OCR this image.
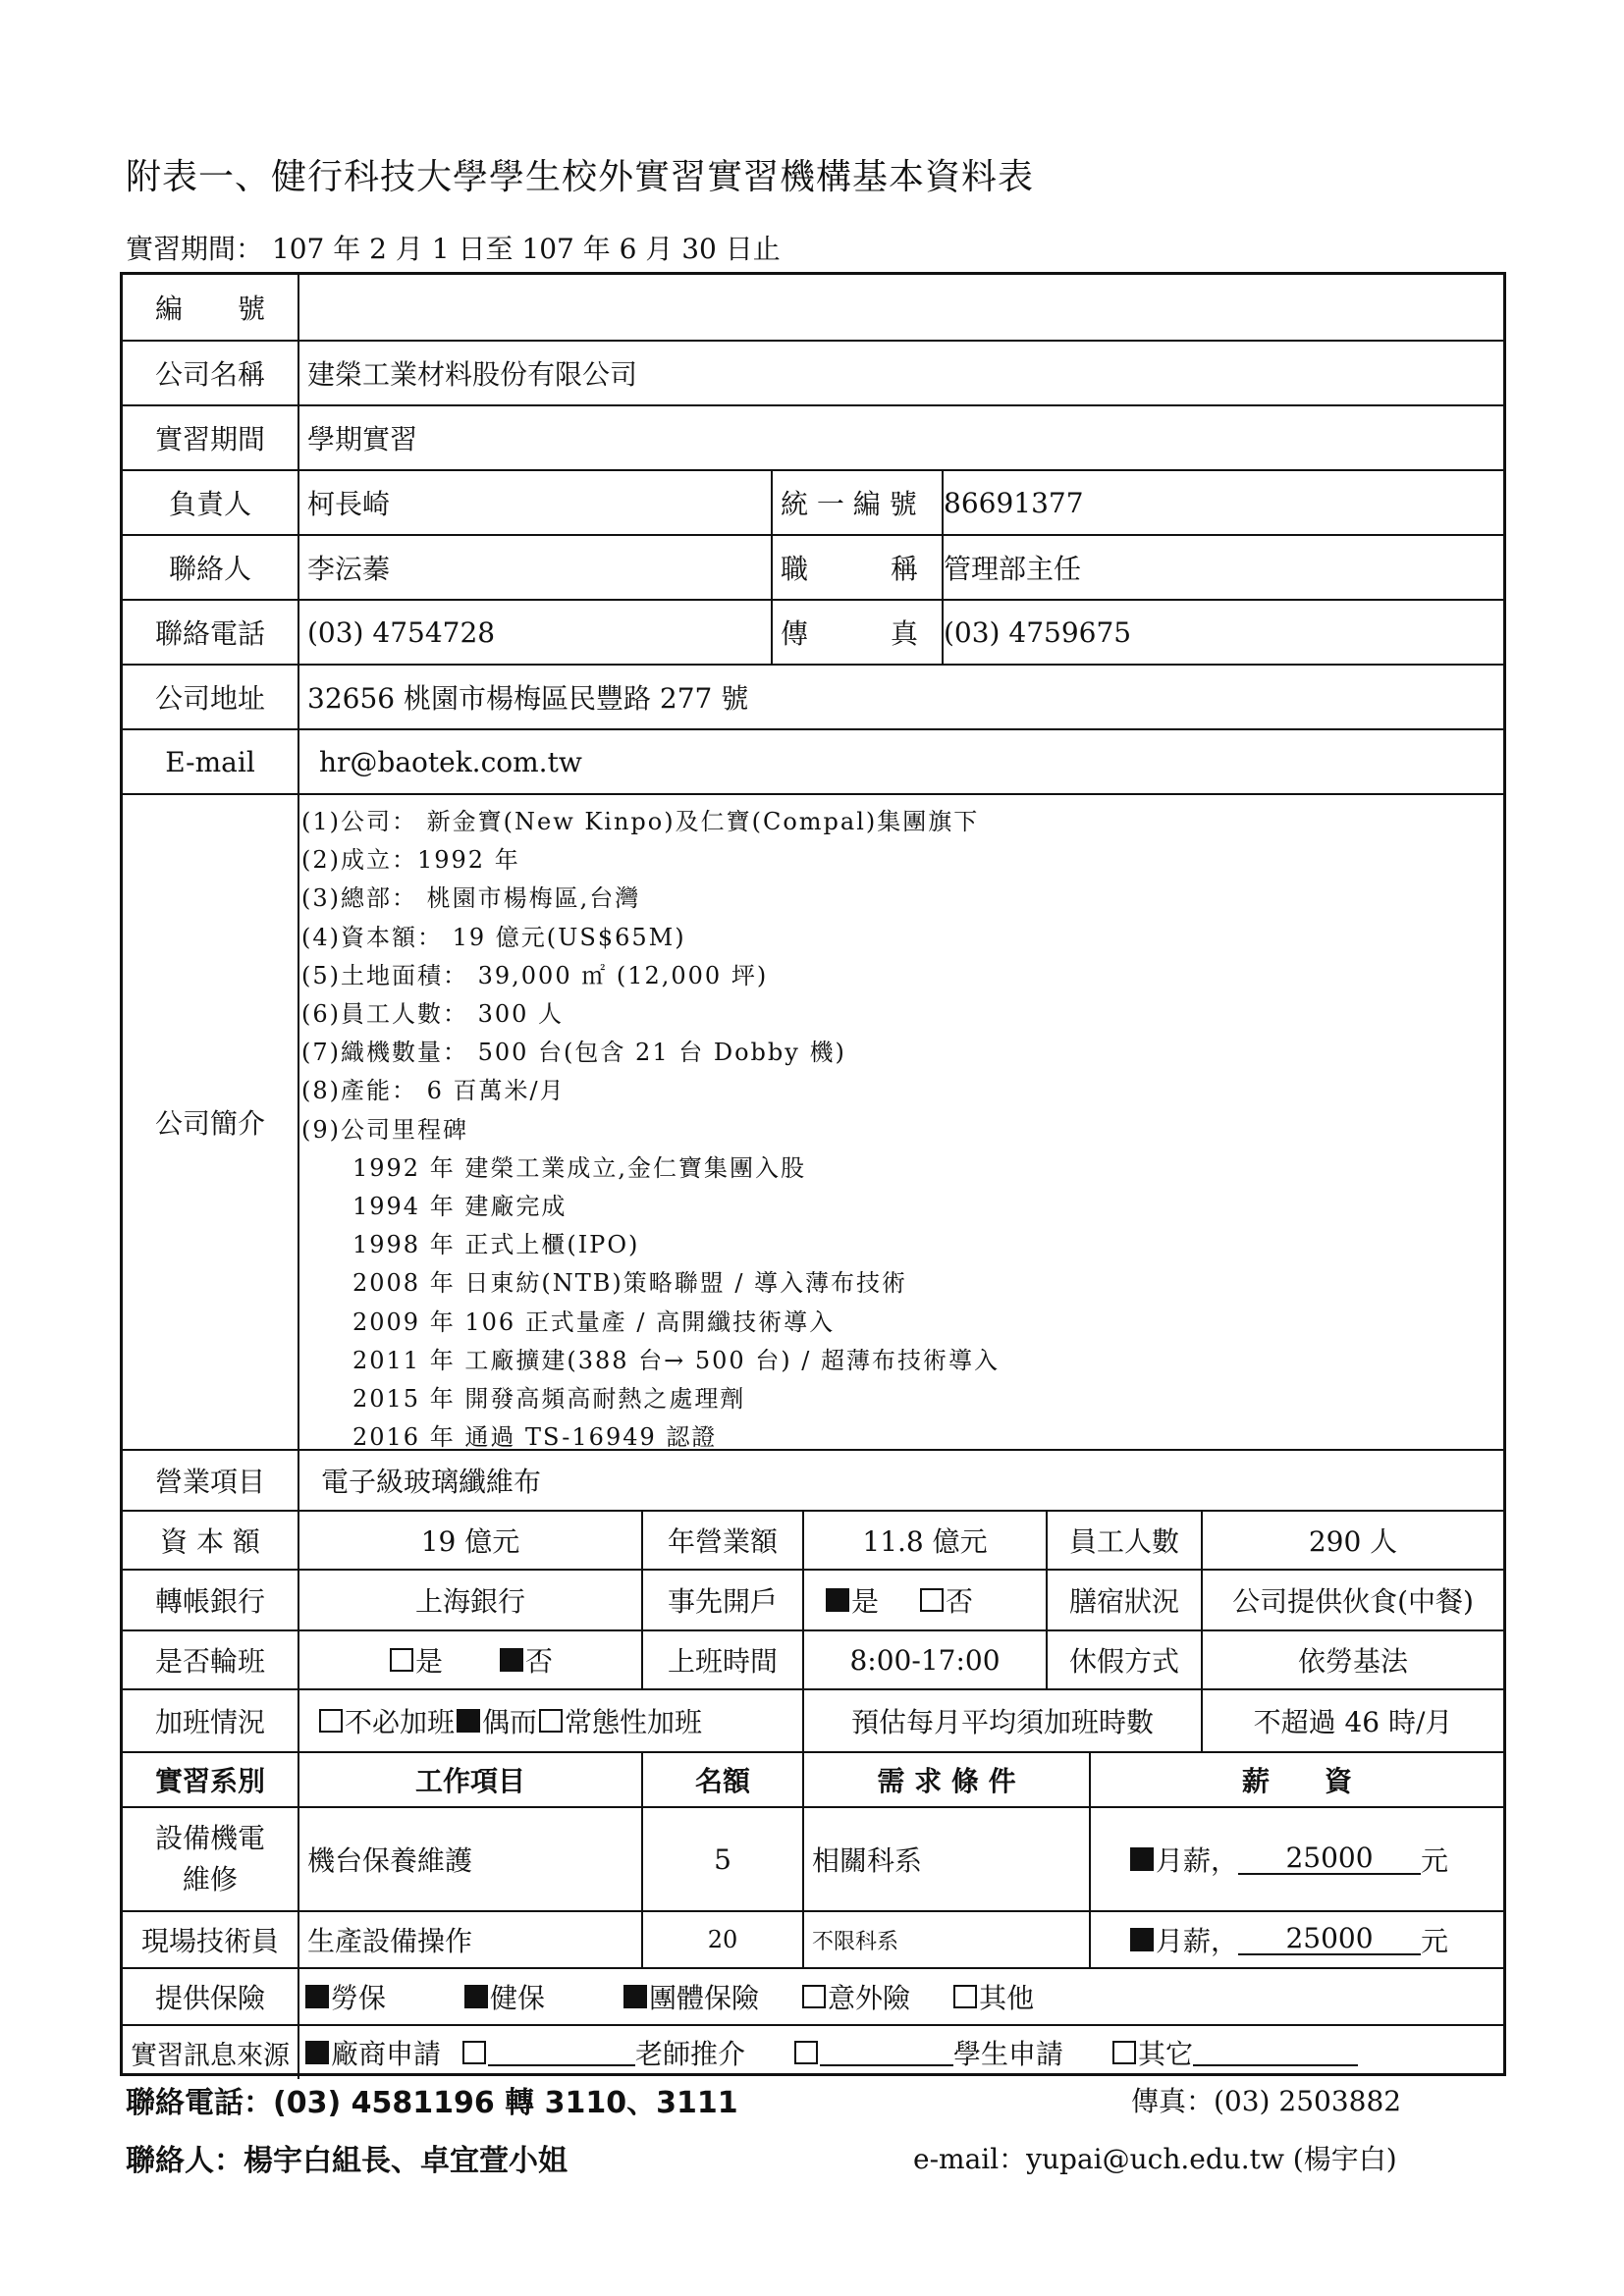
附表一、健行科技大學學生校外實習實習機構基本資料表
實習期間： 107 年 2 月 1 日至 107 年 6 月 30 日止
編　　號
公司名稱	建榮工業材料股份有限公司
實習期間	學期實習
負責人	柯長崎	統 一 編 號 86691377
聯絡人	李沄蓁	職　　　稱 管理部主任
聯絡電話	(03) 4754728	傳　　　真 (03) 4759675
公司地址	32656 桃園市楊梅區民豐路 277 號
E-mail	hr@baotek.com.tw
公司簡介
(1)公司： 新金寶(New Kinpo)及仁寶(Compal)集團旗下
(2)成立：1992 年
(3)總部： 桃園市楊梅區,台灣
(4)資本額： 19 億元(US$65M)
(5)土地面積： 39,000 ㎡ (12,000 坪)
(6)員工人數： 300 人
(7)織機數量： 500 台(包含 21 台 Dobby 機)
(8)產能： 6 百萬米/月
(9)公司里程碑
1992 年 建榮工業成立,金仁寶集團入股
1994 年 建廠完成
1998 年 正式上櫃(IPO)
2008 年 日東紡(NTB)策略聯盟 / 導入薄布技術
2009 年 106 正式量產 / 高開纖技術導入
2011 年 工廠擴建(388 台→ 500 台) / 超薄布技術導入
2015 年 開發高頻高耐熱之處理劑
2016 年 通過 TS-16949 認證
營業項目	電子級玻璃纖維布
資 本 額	19 億元	年營業額	11.8 億元	員工人數	290 人
轉帳銀行	上海銀行	事先開戶	是 否	膳宿狀況	公司提供伙食(中餐)
是否輪班	是	否	上班時間	8:00-17:00	休假方式	依勞基法
加班情況	不必加班 偶而 常態性加班	預估每月平均須加班時數	不超過 46 時/月
實習系別	工作項目	名額	需 求 條 件	薪　　資
設備機電
維修
機台保養維護	5	相關科系	月薪，	25000	元
現場技術員	生產設備操作	20	不限科系	月薪，	25000	元
提供保險	勞保	健保	團體保險	意外險	其他
實習訊息來源	廠商申請	老師推介	學生申請	其它
聯絡電話：(03) 4581196 轉 3110、3111	傳真：(03) 2503882
聯絡人：楊宇白組長、卓宜萱小姐	e-mail：yupai@uch.edu.tw (楊宇白)
